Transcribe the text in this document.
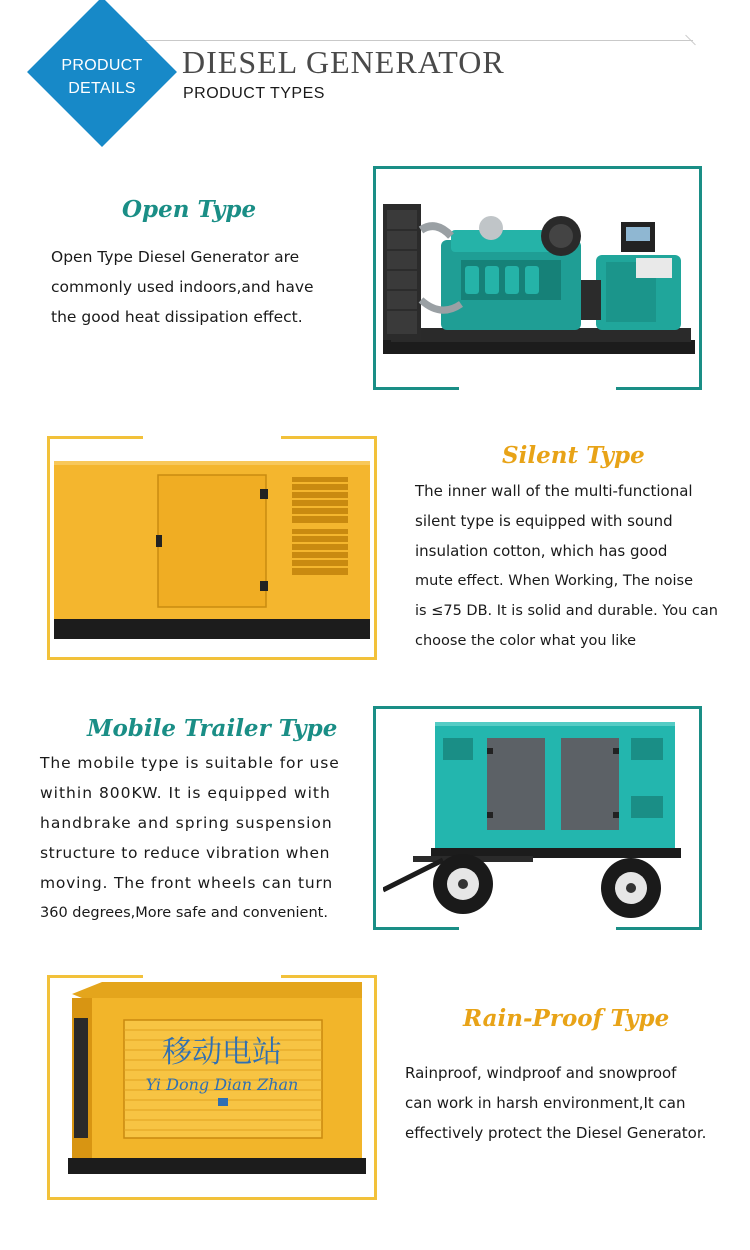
PRODUCT
DETAILS
DIESEL GENERATOR
PRODUCT TYPES
Open Type
Open Type Diesel Generator are
commonly used indoors,and have
the good heat dissipation effect.
Silent Type
The inner wall of the multi-functional
silent type is equipped with sound
insulation cotton, which has good
mute effect. When Working, The noise
is ≤75 DB. It is solid and durable. You can
choose the color what you like
Mobile Trailer Type
The mobile type is suitable for use
within 800KW. It is equipped with
handbrake and spring suspension
structure to reduce vibration when
moving. The front wheels can turn
360 degrees,More safe and convenient.
移动电站
Yi Dong Dian Zhan
Rain-Proof Type
Rainproof, windproof and snowproof
can work in harsh environment,It can
effectively protect the Diesel Generator.
